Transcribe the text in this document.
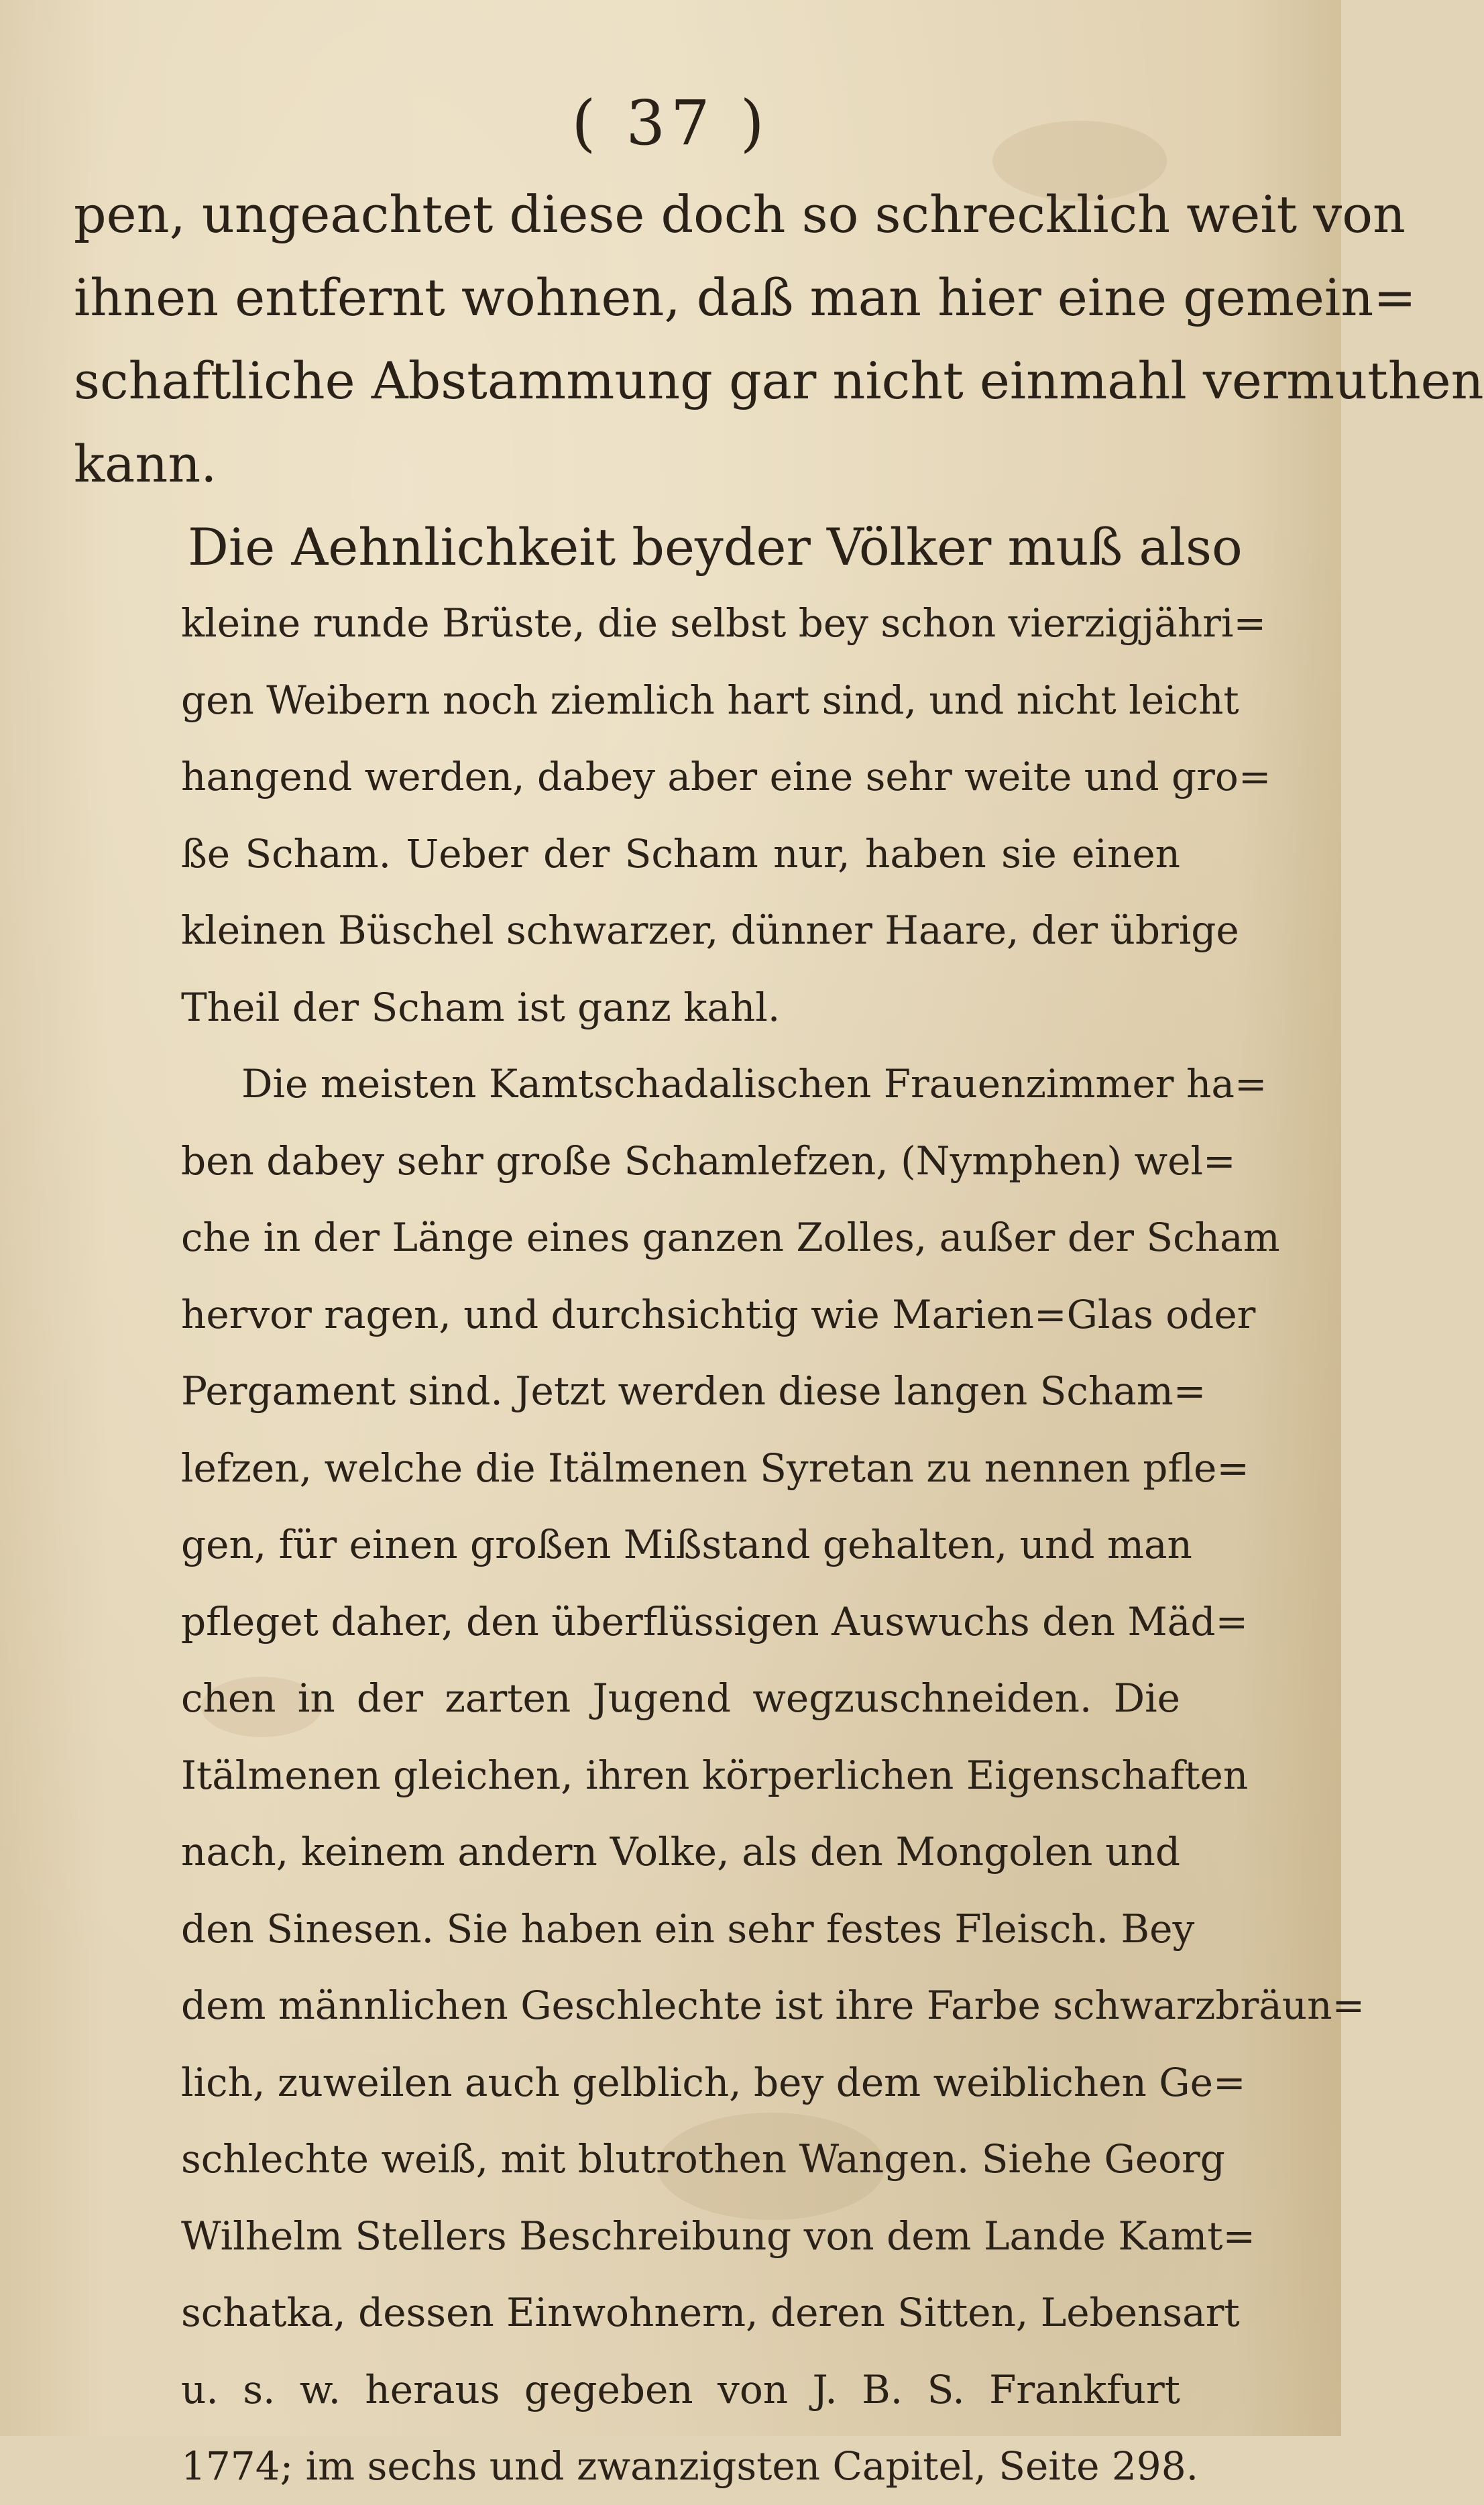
( 37 )
pen, ungeachtet diese doch so schrecklich weit von
ihnen entfernt wohnen, daß man hier eine gemein=
schaftliche Abstammung gar nicht einmahl vermuthen
kann.
Die Aehnlichkeit beyder Völker muß also
kleine runde Brüste, die selbst bey schon vierzigjähri=
gen Weibern noch ziemlich hart sind, und nicht leicht
hangend werden, dabey aber eine sehr weite und gro=
ße Scham. Ueber der Scham nur, haben sie einen
kleinen Büschel schwarzer, dünner Haare, der übrige
Theil der Scham ist ganz kahl.
Die meisten Kamtschadalischen Frauenzimmer ha=
ben dabey sehr große Schamlefzen, (Nymphen) wel=
che in der Länge eines ganzen Zolles, außer der Scham
hervor ragen, und durchsichtig wie Marien=Glas oder
Pergament sind. Jetzt werden diese langen Scham=
lefzen, welche die Itälmenen Syretan zu nennen pfle=
gen, für einen großen Mißstand gehalten, und man
pfleget daher, den überflüssigen Auswuchs den Mäd=
chen in der zarten Jugend wegzuschneiden. Die
Itälmenen gleichen, ihren körperlichen Eigenschaften
nach, keinem andern Volke, als den Mongolen und
den Sinesen. Sie haben ein sehr festes Fleisch. Bey
dem männlichen Geschlechte ist ihre Farbe schwarzbräun=
lich, zuweilen auch gelblich, bey dem weiblichen Ge=
schlechte weiß, mit blutrothen Wangen. Siehe Georg
Wilhelm Stellers Beschreibung von dem Lande Kamt=
schatka, dessen Einwohnern, deren Sitten, Lebensart
u. s. w. heraus gegeben von J. B. S. Frankfurt
1774; im sechs und zwanzigsten Capitel, Seite 298.
